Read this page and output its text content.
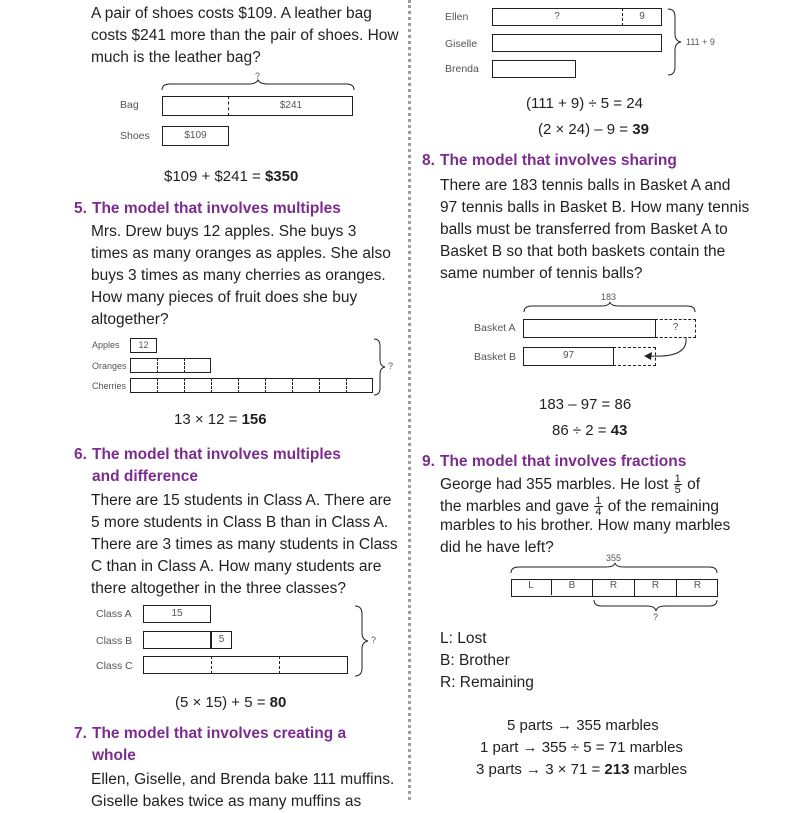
A pair of shoes costs $109. A leather bag
costs $241 more than the pair of shoes. How
much is the leather bag?
?
Bag	$241
Shoes	$109
$109 + $241 = $350
5. The model that involves multiples
Mrs. Drew buys 12 apples. She buys 3
times as many oranges as apples. She also
buys 3 times as many cherries as oranges.
How many pieces of fruit does she buy
altogether?
Apples	12
Oranges
Cherries
?
13 × 12 = 156
6. The model that involves multiples
and difference
There are 15 students in Class A. There are
5 more students in Class B than in Class A.
There are 3 times as many students in Class
C than in Class A. How many students are
there altogether in the three classes?
Class A	15
Class B	5
Class C
?
(5 × 15) + 5 = 80
7. The model that involves creating a
whole
Ellen, Giselle, and Brenda bake 111 muffins.
Giselle bakes twice as many muffins as
Ellen	?	9
Giselle
Brenda
111 + 9
(111 + 9) ÷ 5 = 24
(2 × 24) – 9 = 39
8. The model that involves sharing
There are 183 tennis balls in Basket A and
97 tennis balls in Basket B. How many tennis
balls must be transferred from Basket A to
Basket B so that both baskets contain the
same number of tennis balls?
183
Basket A	?
Basket B	97
183 – 97 = 86
86 ÷ 2 = 43
9. The model that involves fractions
George had 355 marbles. He lost $\frac{1}{5}$ of
the marbles and gave $\frac{1}{4}$ of the remaining
marbles to his brother. How many marbles
did he have left?
355
L	B	R	R	R
?
L: Lost
B: Brother
R: Remaining
5 parts → 355 marbles
1 part → 355 ÷ 5 = 71 marbles
3 parts → 3 × 71 = 213 marbles
